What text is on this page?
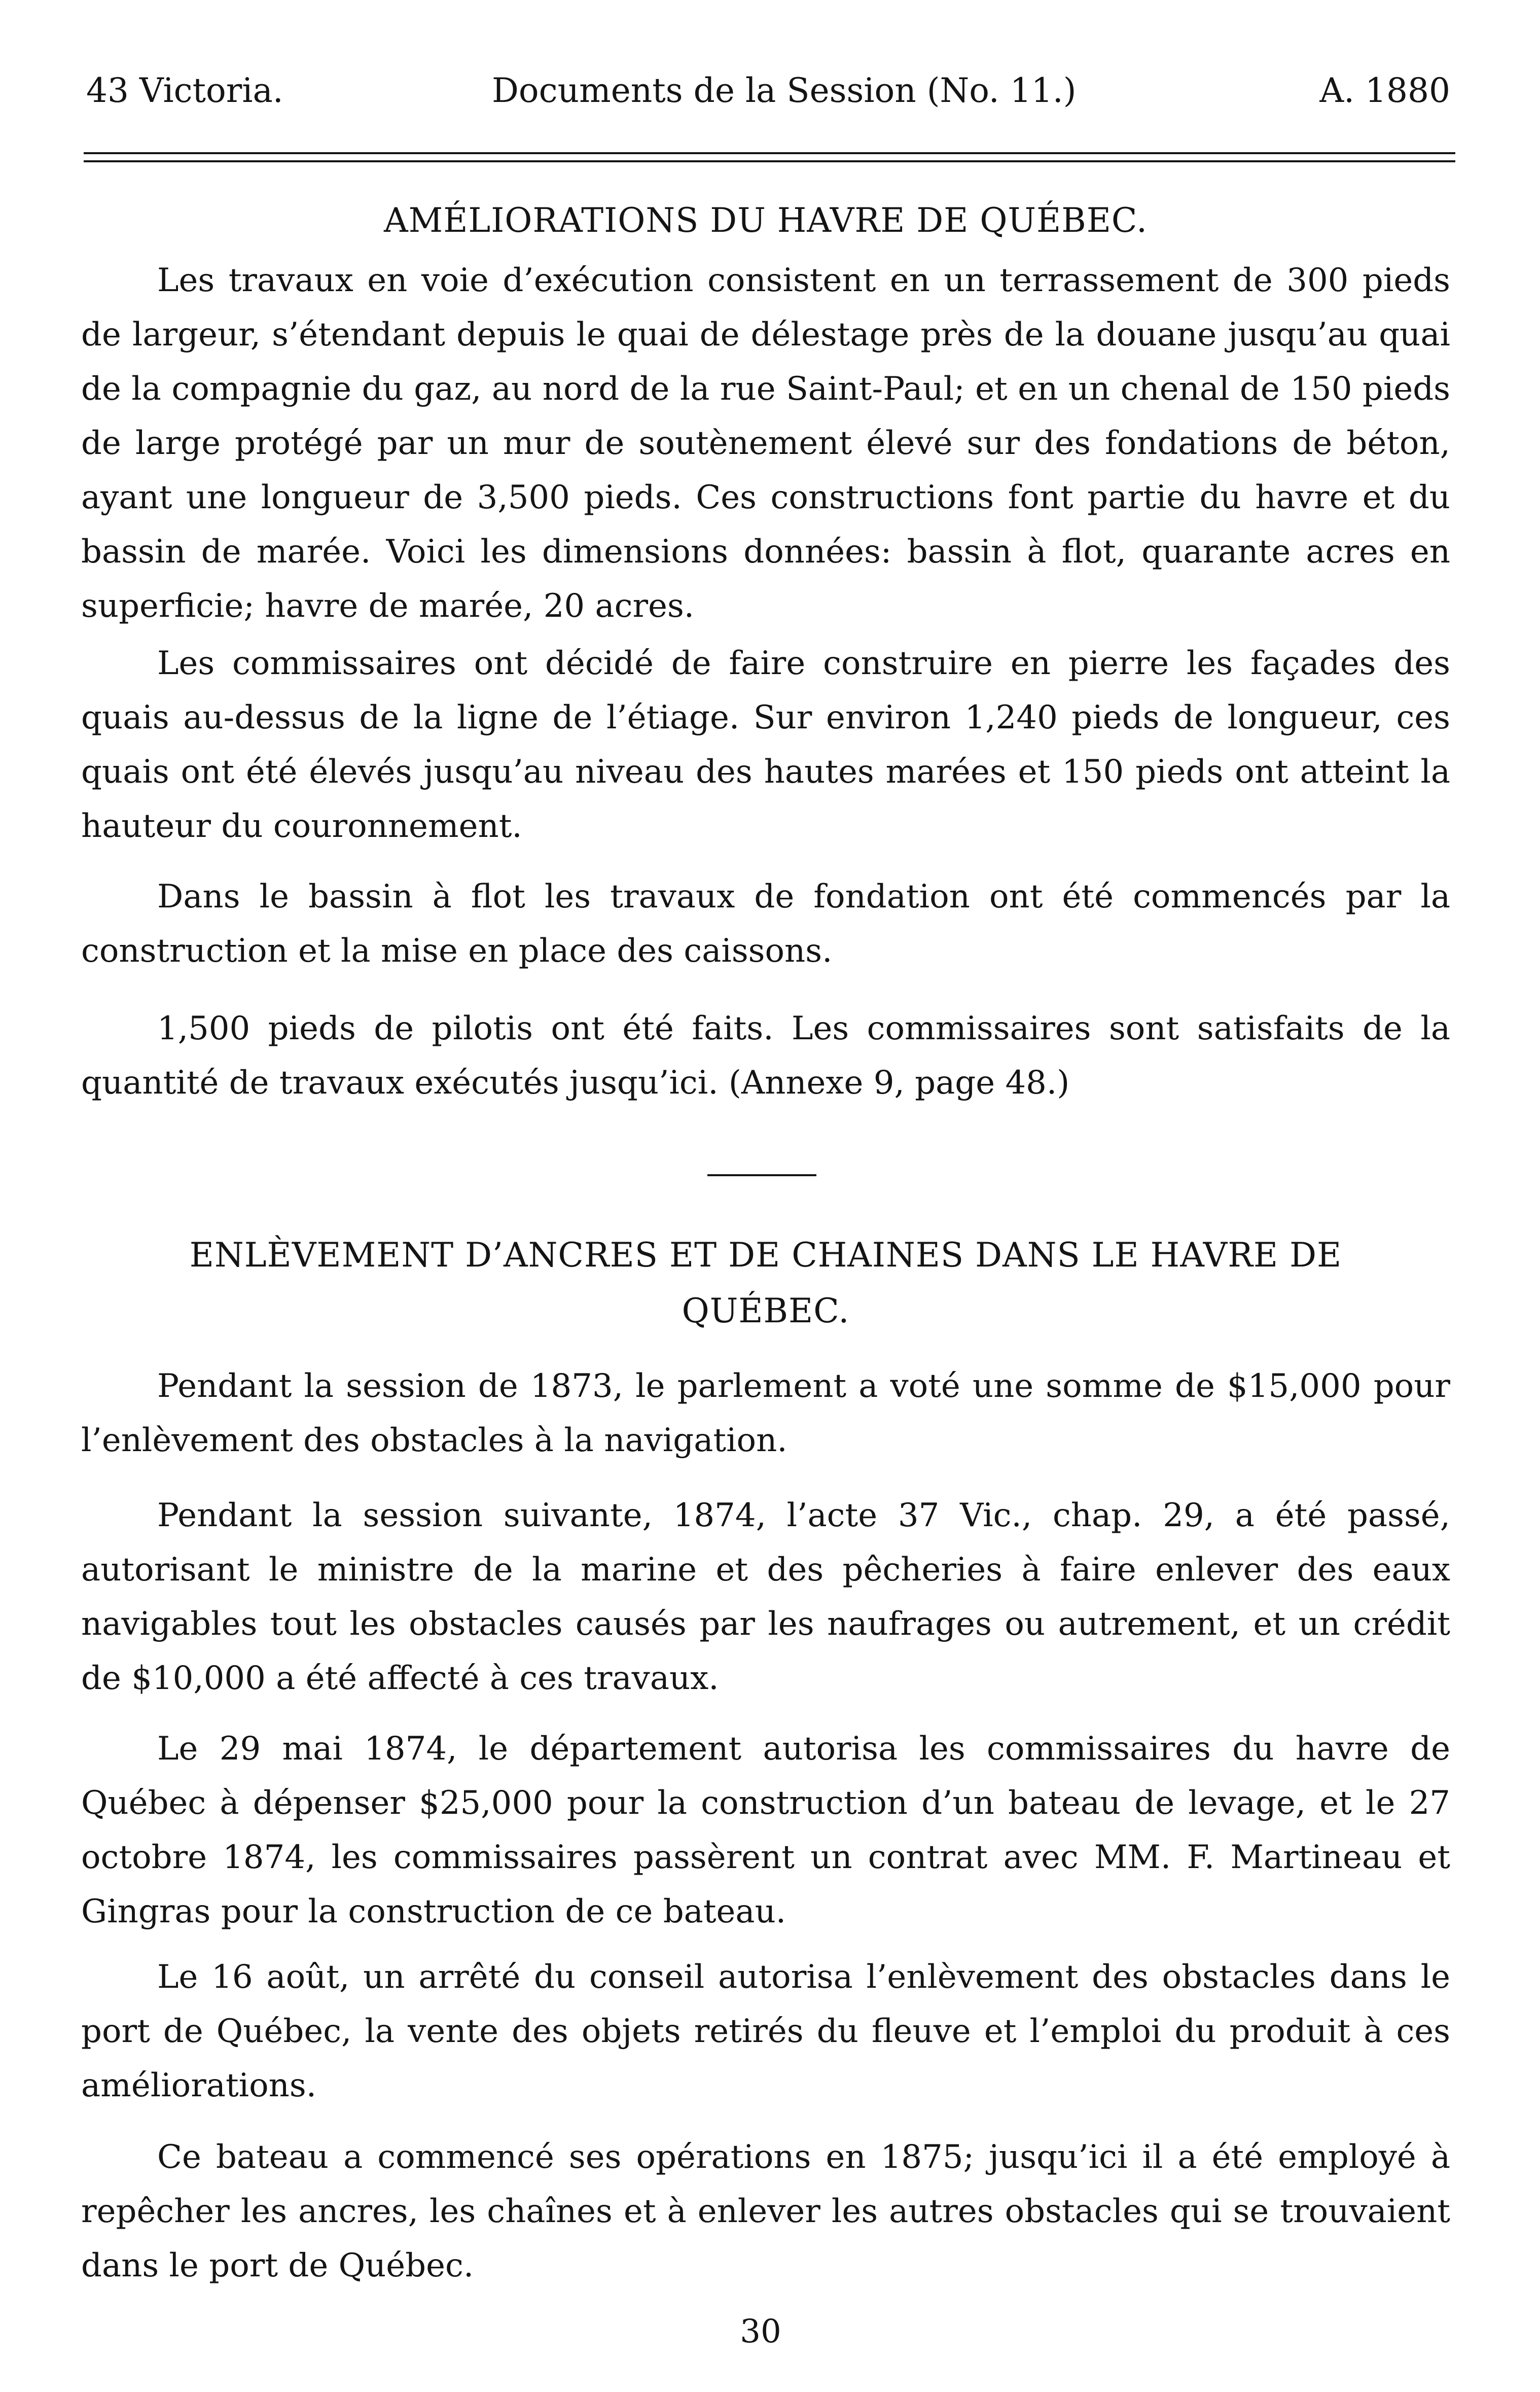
43 Victoria.	Documents de la Session (No. 11.)	A. 1880
AMÉLIORATIONS DU HAVRE DE QUÉBEC.

Les travaux en voie d’exécution consistent en un terrassement de 300 pieds de largeur, s’étendant depuis le quai de délestage près de la douane jusqu’au quai de la compagnie du gaz, au nord de la rue Saint-Paul; et en un chenal de 150 pieds de large protégé par un mur de soutènement élevé sur des fondations de béton, ayant une longueur de 3,500 pieds. Ces constructions font partie du havre et du bassin de marée. Voici les dimensions données: bassin à flot, quarante acres en superficie; havre de marée, 20 acres.

Les commissaires ont décidé de faire construire en pierre les façades des quais au-dessus de la ligne de l’étiage. Sur environ 1,240 pieds de longueur, ces quais ont été élevés jusqu’au niveau des hautes marées et 150 pieds ont atteint la hauteur du couronnement.

Dans le bassin à flot les travaux de fondation ont été commencés par la construction et la mise en place des caissons.

1,500 pieds de pilotis ont été faits. Les commissaires sont satisfaits de la quantité de travaux exécutés jusqu’ici. (Annexe 9, page 48.)

ENLÈVEMENT D’ANCRES ET DE CHAINES DANS LE HAVRE DE
QUÉBEC.

Pendant la session de 1873, le parlement a voté une somme de $15,000 pour l’enlèvement des obstacles à la navigation.

Pendant la session suivante, 1874, l’acte 37 Vic., chap. 29, a été passé, autorisant le ministre de la marine et des pêcheries à faire enlever des eaux navigables tout les obstacles causés par les naufrages ou autrement, et un crédit de $10,000 a été affecté à ces travaux.

Le 29 mai 1874, le département autorisa les commissaires du havre de Québec à dépenser $25,000 pour la construction d’un bateau de levage, et le 27 octobre 1874, les commissaires passèrent un contrat avec MM. F. Martineau et Gingras pour la construction de ce bateau.

Le 16 août, un arrêté du conseil autorisa l’enlèvement des obstacles dans le port de Québec, la vente des objets retirés du fleuve et l’emploi du produit à ces améliorations.

Ce bateau a commencé ses opérations en 1875; jusqu’ici il a été employé à repêcher les ancres, les chaînes et à enlever les autres obstacles qui se trouvaient dans le port de Québec.

30
